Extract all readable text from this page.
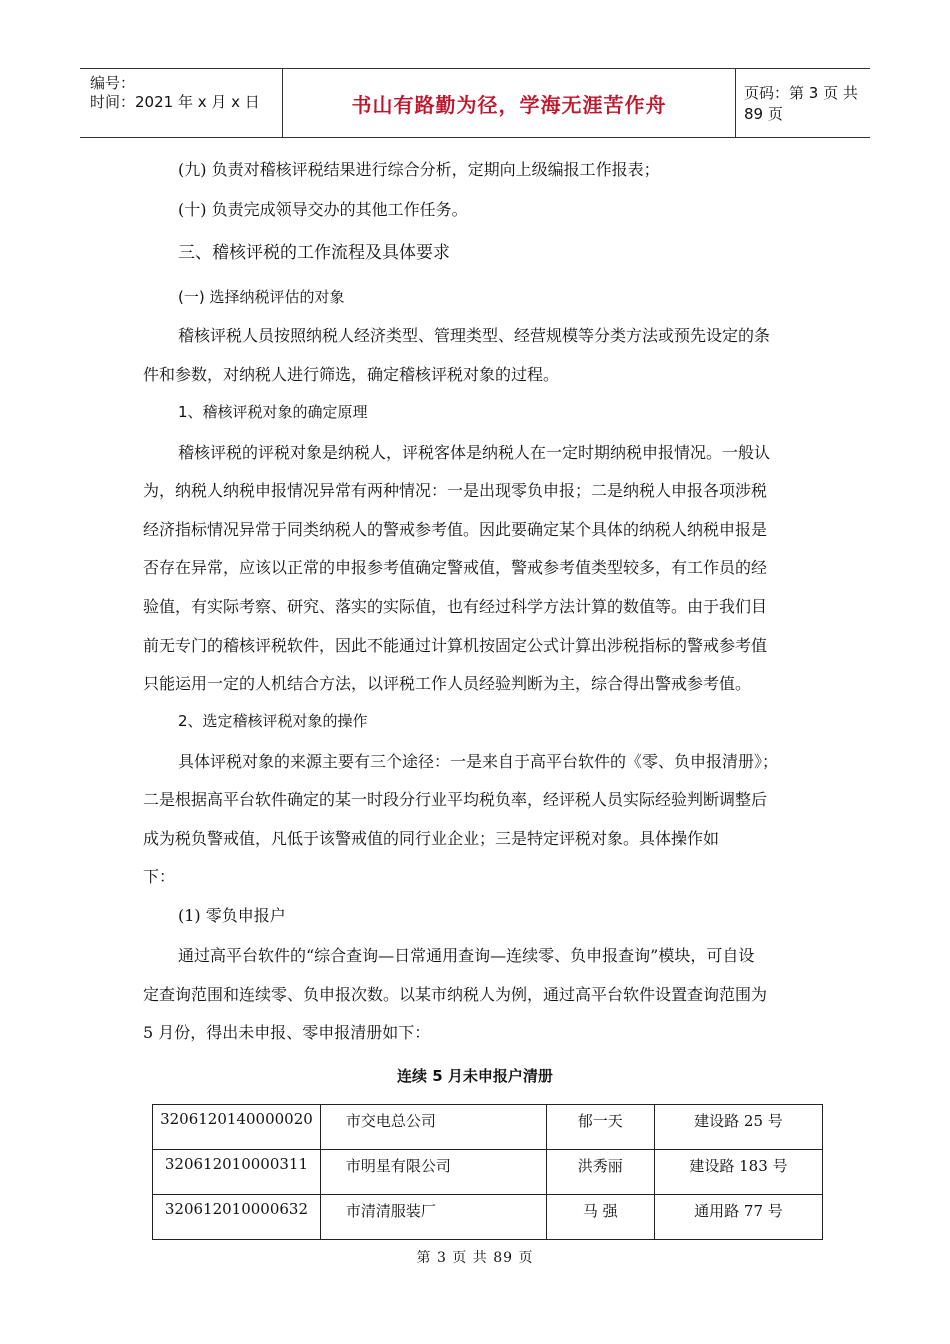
编号：
时间：2021 年 x 月 x 日	书山有路勤为径，学海无涯苦作舟	页码：第 3 页 共 89 页
(九) 负责对稽核评税结果进行综合分析，定期向上级编报工作报表；
(十) 负责完成领导交办的其他工作任务。
三、稽核评税的工作流程及具体要求
(一) 选择纳税评估的对象
稽核评税人员按照纳税人经济类型、管理类型、经营规模等分类方法或预先设定的条
件和参数，对纳税人进行筛选，确定稽核评税对象的过程。
1、稽核评税对象的确定原理
稽核评税的评税对象是纳税人，评税客体是纳税人在一定时期纳税申报情况。一般认
为，纳税人纳税申报情况异常有两种情况：一是出现零负申报；二是纳税人申报各项涉税
经济指标情况异常于同类纳税人的警戒参考值。因此要确定某个具体的纳税人纳税申报是
否存在异常，应该以正常的申报参考值确定警戒值，警戒参考值类型较多，有工作员的经
验值，有实际考察、研究、落实的实际值，也有经过科学方法计算的数值等。由于我们目
前无专门的稽核评税软件，因此不能通过计算机按固定公式计算出涉税指标的警戒参考值
只能运用一定的人机结合方法，以评税工作人员经验判断为主，综合得出警戒参考值。
2、选定稽核评税对象的操作
具体评税对象的来源主要有三个途径：一是来自于高平台软件的《零、负申报清册》；
二是根据高平台软件确定的某一时段分行业平均税负率，经评税人员实际经验判断调整后
成为税负警戒值，凡低于该警戒值的同行业企业；三是特定评税对象。具体操作如
下：
(1) 零负申报户
通过高平台软件的“综合查询—日常通用查询—连续零、负申报查询”模块，可自设
定查询范围和连续零、负申报次数。以某市纳税人为例，通过高平台软件设置查询范围为
5 月份，得出未申报、零申报清册如下：
连续 5 月未申报户清册
3206120140000020	市交电总公司	郁一天	建设路 25 号

320612010000311	市明星有限公司	洪秀丽	建设路 183 号

320612010000632	市清清服装厂	马 强	通用路 77 号
第 3 页 共 89 页
